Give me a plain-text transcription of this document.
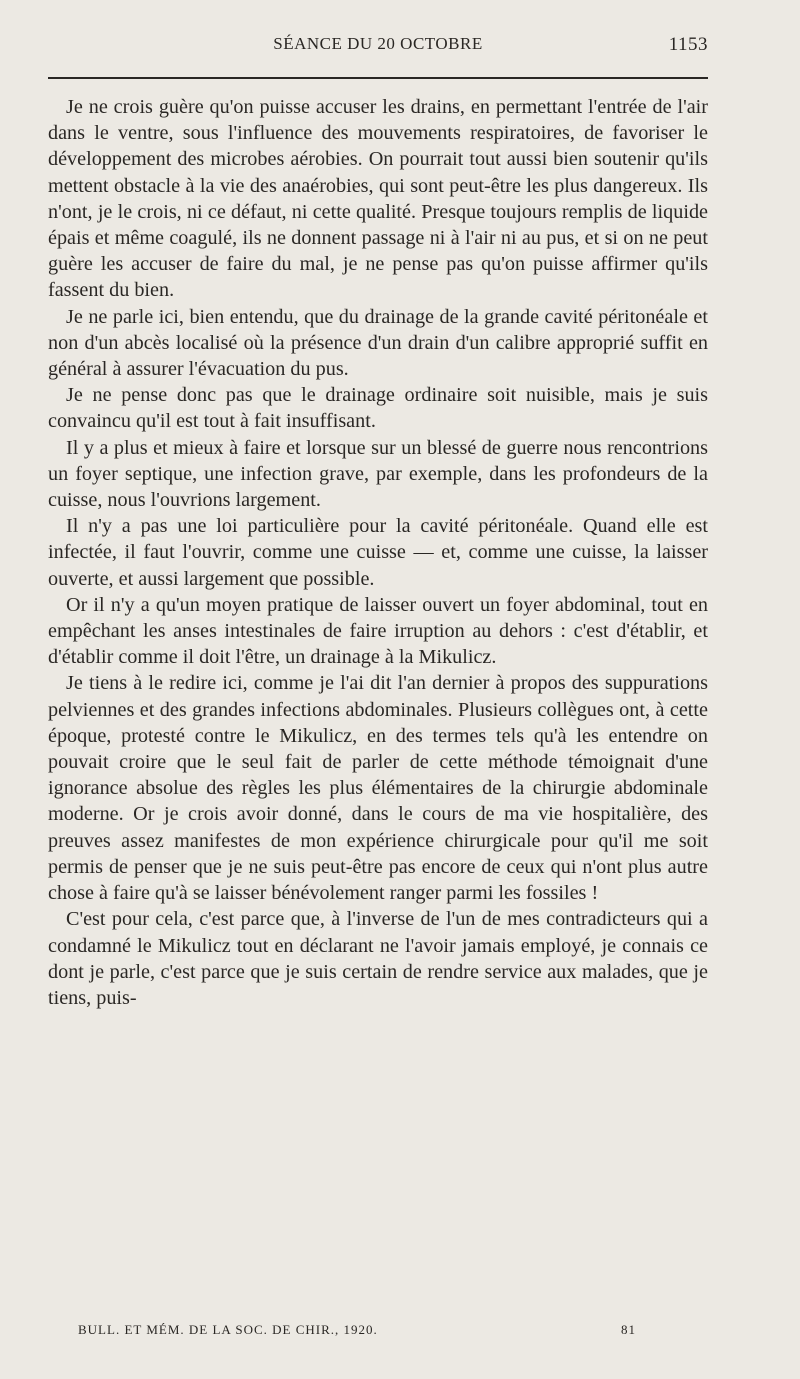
SÉANCE DU 20 OCTOBRE	1153

Je ne crois guère qu'on puisse accuser les drains, en permettant l'entrée de l'air dans le ventre, sous l'influence des mouvements respiratoires, de favoriser le développement des microbes aérobies. On pourrait tout aussi bien soutenir qu'ils mettent obstacle à la vie des anaérobies, qui sont peut-être les plus dangereux. Ils n'ont, je le crois, ni ce défaut, ni cette qualité. Presque toujours remplis de liquide épais et même coagulé, ils ne donnent passage ni à l'air ni au pus, et si on ne peut guère les accuser de faire du mal, je ne pense pas qu'on puisse affirmer qu'ils fassent du bien.

Je ne parle ici, bien entendu, que du drainage de la grande cavité péritonéale et non d'un abcès localisé où la présence d'un drain d'un calibre approprié suffit en général à assurer l'évacuation du pus.

Je ne pense donc pas que le drainage ordinaire soit nuisible, mais je suis convaincu qu'il est tout à fait insuffisant.

Il y a plus et mieux à faire et lorsque sur un blessé de guerre nous rencontrions un foyer septique, une infection grave, par exemple, dans les profondeurs de la cuisse, nous l'ouvrions largement.

Il n'y a pas une loi particulière pour la cavité péritonéale. Quand elle est infectée, il faut l'ouvrir, comme une cuisse — et, comme une cuisse, la laisser ouverte, et aussi largement que possible.

Or il n'y a qu'un moyen pratique de laisser ouvert un foyer abdominal, tout en empêchant les anses intestinales de faire irruption au dehors : c'est d'établir, et d'établir comme il doit l'être, un drainage à la Mikulicz.

Je tiens à le redire ici, comme je l'ai dit l'an dernier à propos des suppurations pelviennes et des grandes infections abdominales. Plusieurs collègues ont, à cette époque, protesté contre le Mikulicz, en des termes tels qu'à les entendre on pouvait croire que le seul fait de parler de cette méthode témoignait d'une ignorance absolue des règles les plus élémentaires de la chirurgie abdominale moderne. Or je crois avoir donné, dans le cours de ma vie hospitalière, des preuves assez manifestes de mon expérience chirurgicale pour qu'il me soit permis de penser que je ne suis peut-être pas encore de ceux qui n'ont plus autre chose à faire qu'à se laisser bénévolement ranger parmi les fossiles !

C'est pour cela, c'est parce que, à l'inverse de l'un de mes contradicteurs qui a condamné le Mikulicz tout en déclarant ne l'avoir jamais employé, je connais ce dont je parle, c'est parce que je suis certain de rendre service aux malades, que je tiens, puis-

BULL. ET MÉM. DE LA SOC. DE CHIR., 1920.	81
